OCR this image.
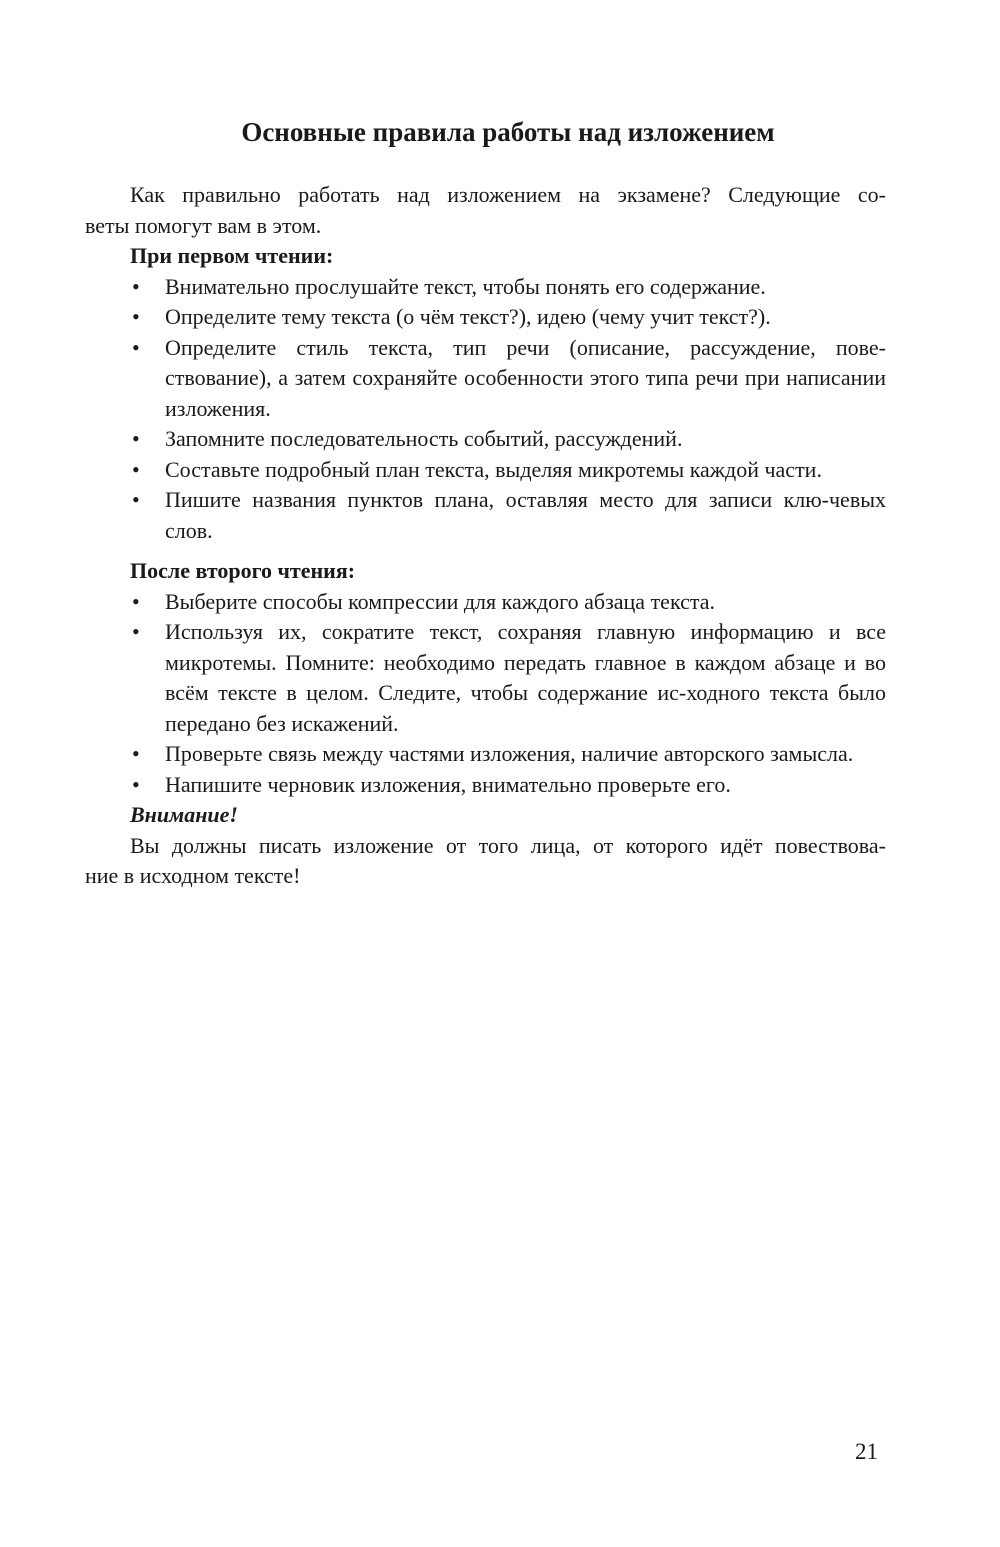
Основные правила работы над изложением
Как правильно работать над изложением на экзамене? Следующие со-
веты помогут вам в этом.

При первом чтении:

• Внимательно прослушайте текст, чтобы понять его содержание.
• Определите тему текста (о чём текст?), идею (чему учит текст?).
• Определите стиль текста, тип речи (описание, рассуждение, пове-ствование), а затем сохраняйте особенности этого типа речи при написании изложения.
• Запомните последовательность событий, рассуждений.
• Составьте подробный план текста, выделяя микротемы каждой части.
• Пишите названия пунктов плана, оставляя место для записи клю-чевых слов.

После второго чтения:

• Выберите способы компрессии для каждого абзаца текста.
• Используя их, сократите текст, сохраняя главную информацию и все микротемы. Помните: необходимо передать главное в каждом абзаце и во всём тексте в целом. Следите, чтобы содержание ис-ходного текста было передано без искажений.
• Проверьте связь между частями изложения, наличие авторского замысла.
• Напишите черновик изложения, внимательно проверьте его.

Внимание!

Вы должны писать изложение от того лица, от которого идёт повествова-
ние в исходном тексте!

21
